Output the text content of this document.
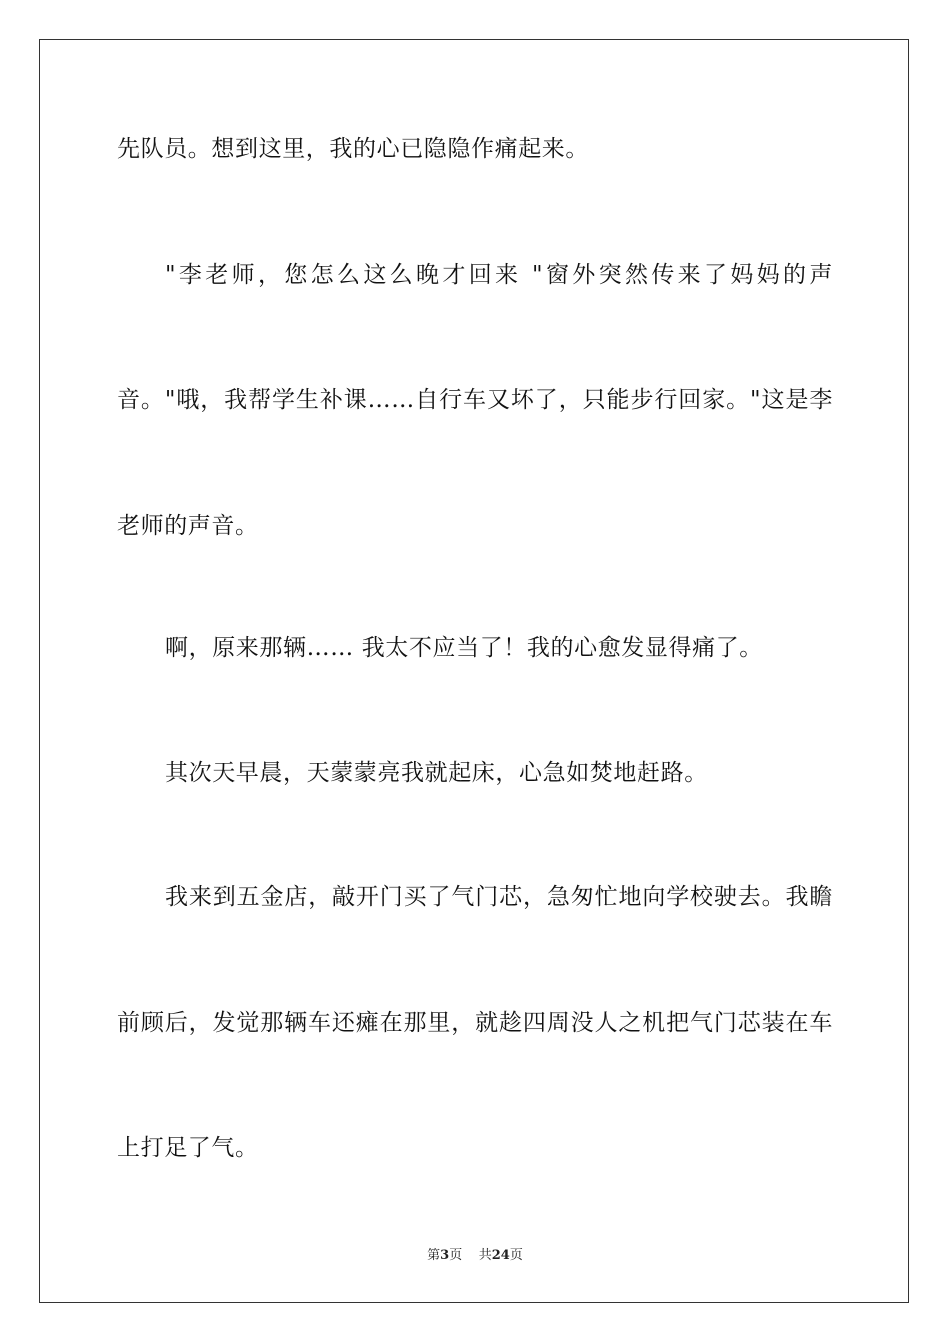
先队员。想到这里，我的心已隐隐作痛起来。
"李老师，您怎么这么晚才回来 "窗外突然传来了妈妈的声
音。"哦，我帮学生补课……自行车又坏了，只能步行回家。"这是李
老师的声音。
啊，原来那辆…… 我太不应当了！我的心愈发显得痛了。
其次天早晨，天蒙蒙亮我就起床，心急如焚地赶路。
我来到五金店，敲开门买了气门芯，急匆忙地向学校驶去。我瞻
前顾后，发觉那辆车还瘫在那里，就趁四周没人之机把气门芯装在车
上打足了气。
第3页 共24页
